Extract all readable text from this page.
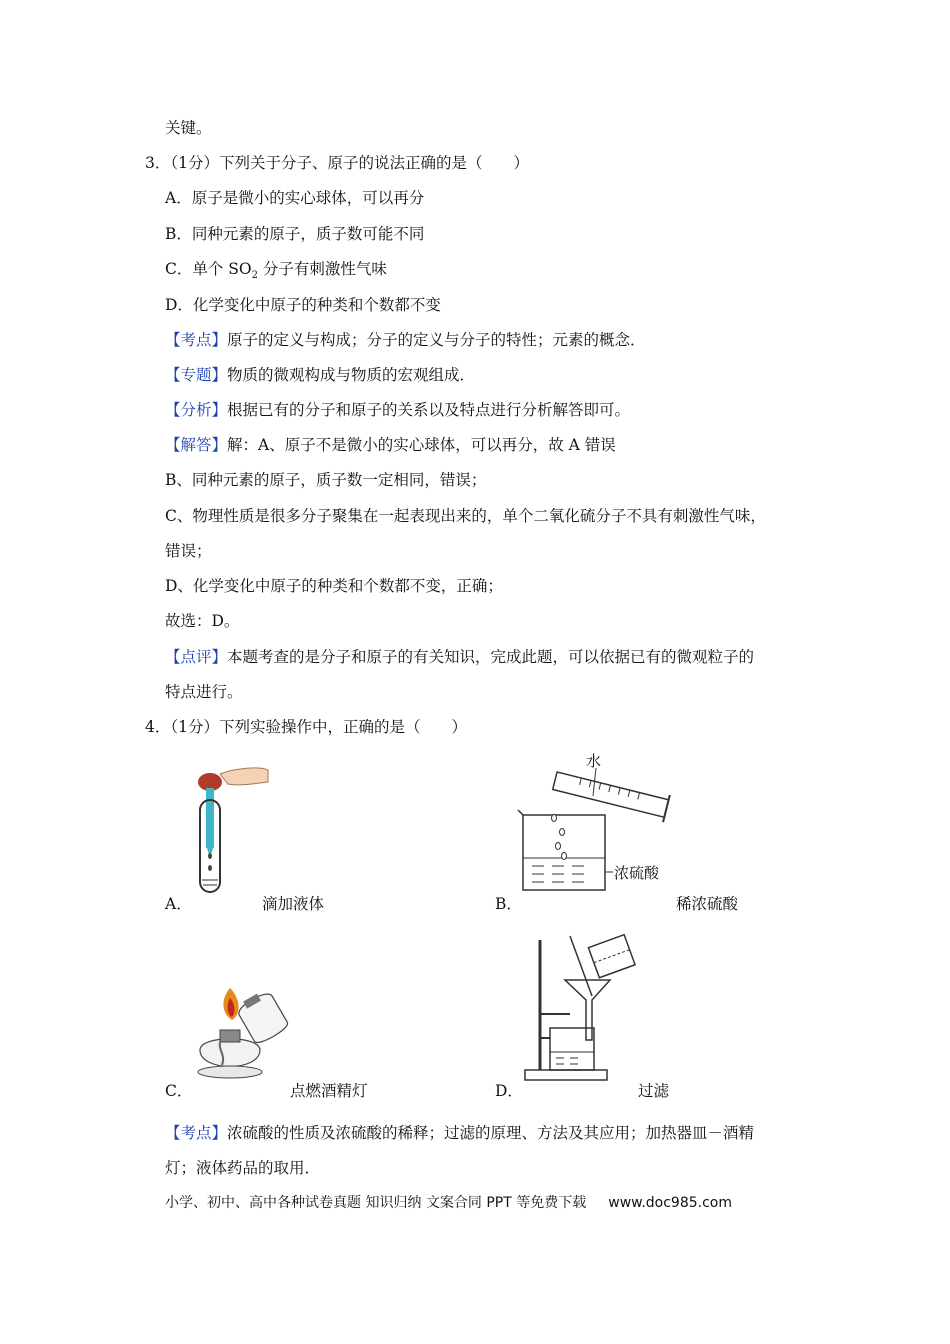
关键。
3．（1分）下列关于分子、原子的说法正确的是（　　）
A．原子是微小的实心球体，可以再分
B．同种元素的原子，质子数可能不同
C．单个 $SO_2$ 分子有刺激性气味
D．化学变化中原子的种类和个数都不变
【考点】原子的定义与构成；分子的定义与分子的特性；元素的概念．
【专题】物质的微观构成与物质的宏观组成．
【分析】根据已有的分子和原子的关系以及特点进行分析解答即可。
【解答】解：A、原子不是微小的实心球体，可以再分，故 A 错误
B、同种元素的原子，质子数一定相同，错误；
C、物理性质是很多分子聚集在一起表现出来的，单个二氧化硫分子不具有刺激性气味，
错误；
D、化学变化中原子的种类和个数都不变，正确；
故选：D。
【点评】本题考查的是分子和原子的有关知识，完成此题，可以依据已有的微观粒子的
特点进行。
4．（1分）下列实验操作中，正确的是（　　）
水
浓硫酸
A．	滴加液体	B．	稀浓硫酸
C．	点燃酒精灯	D．	过滤
【考点】浓硫酸的性质及浓硫酸的稀释；过滤的原理、方法及其应用；加热器皿－酒精
灯；液体药品的取用．
小学、初中、高中各种试卷真题 知识归纳 文案合同 PPT 等免费下载 www.doc985.com
